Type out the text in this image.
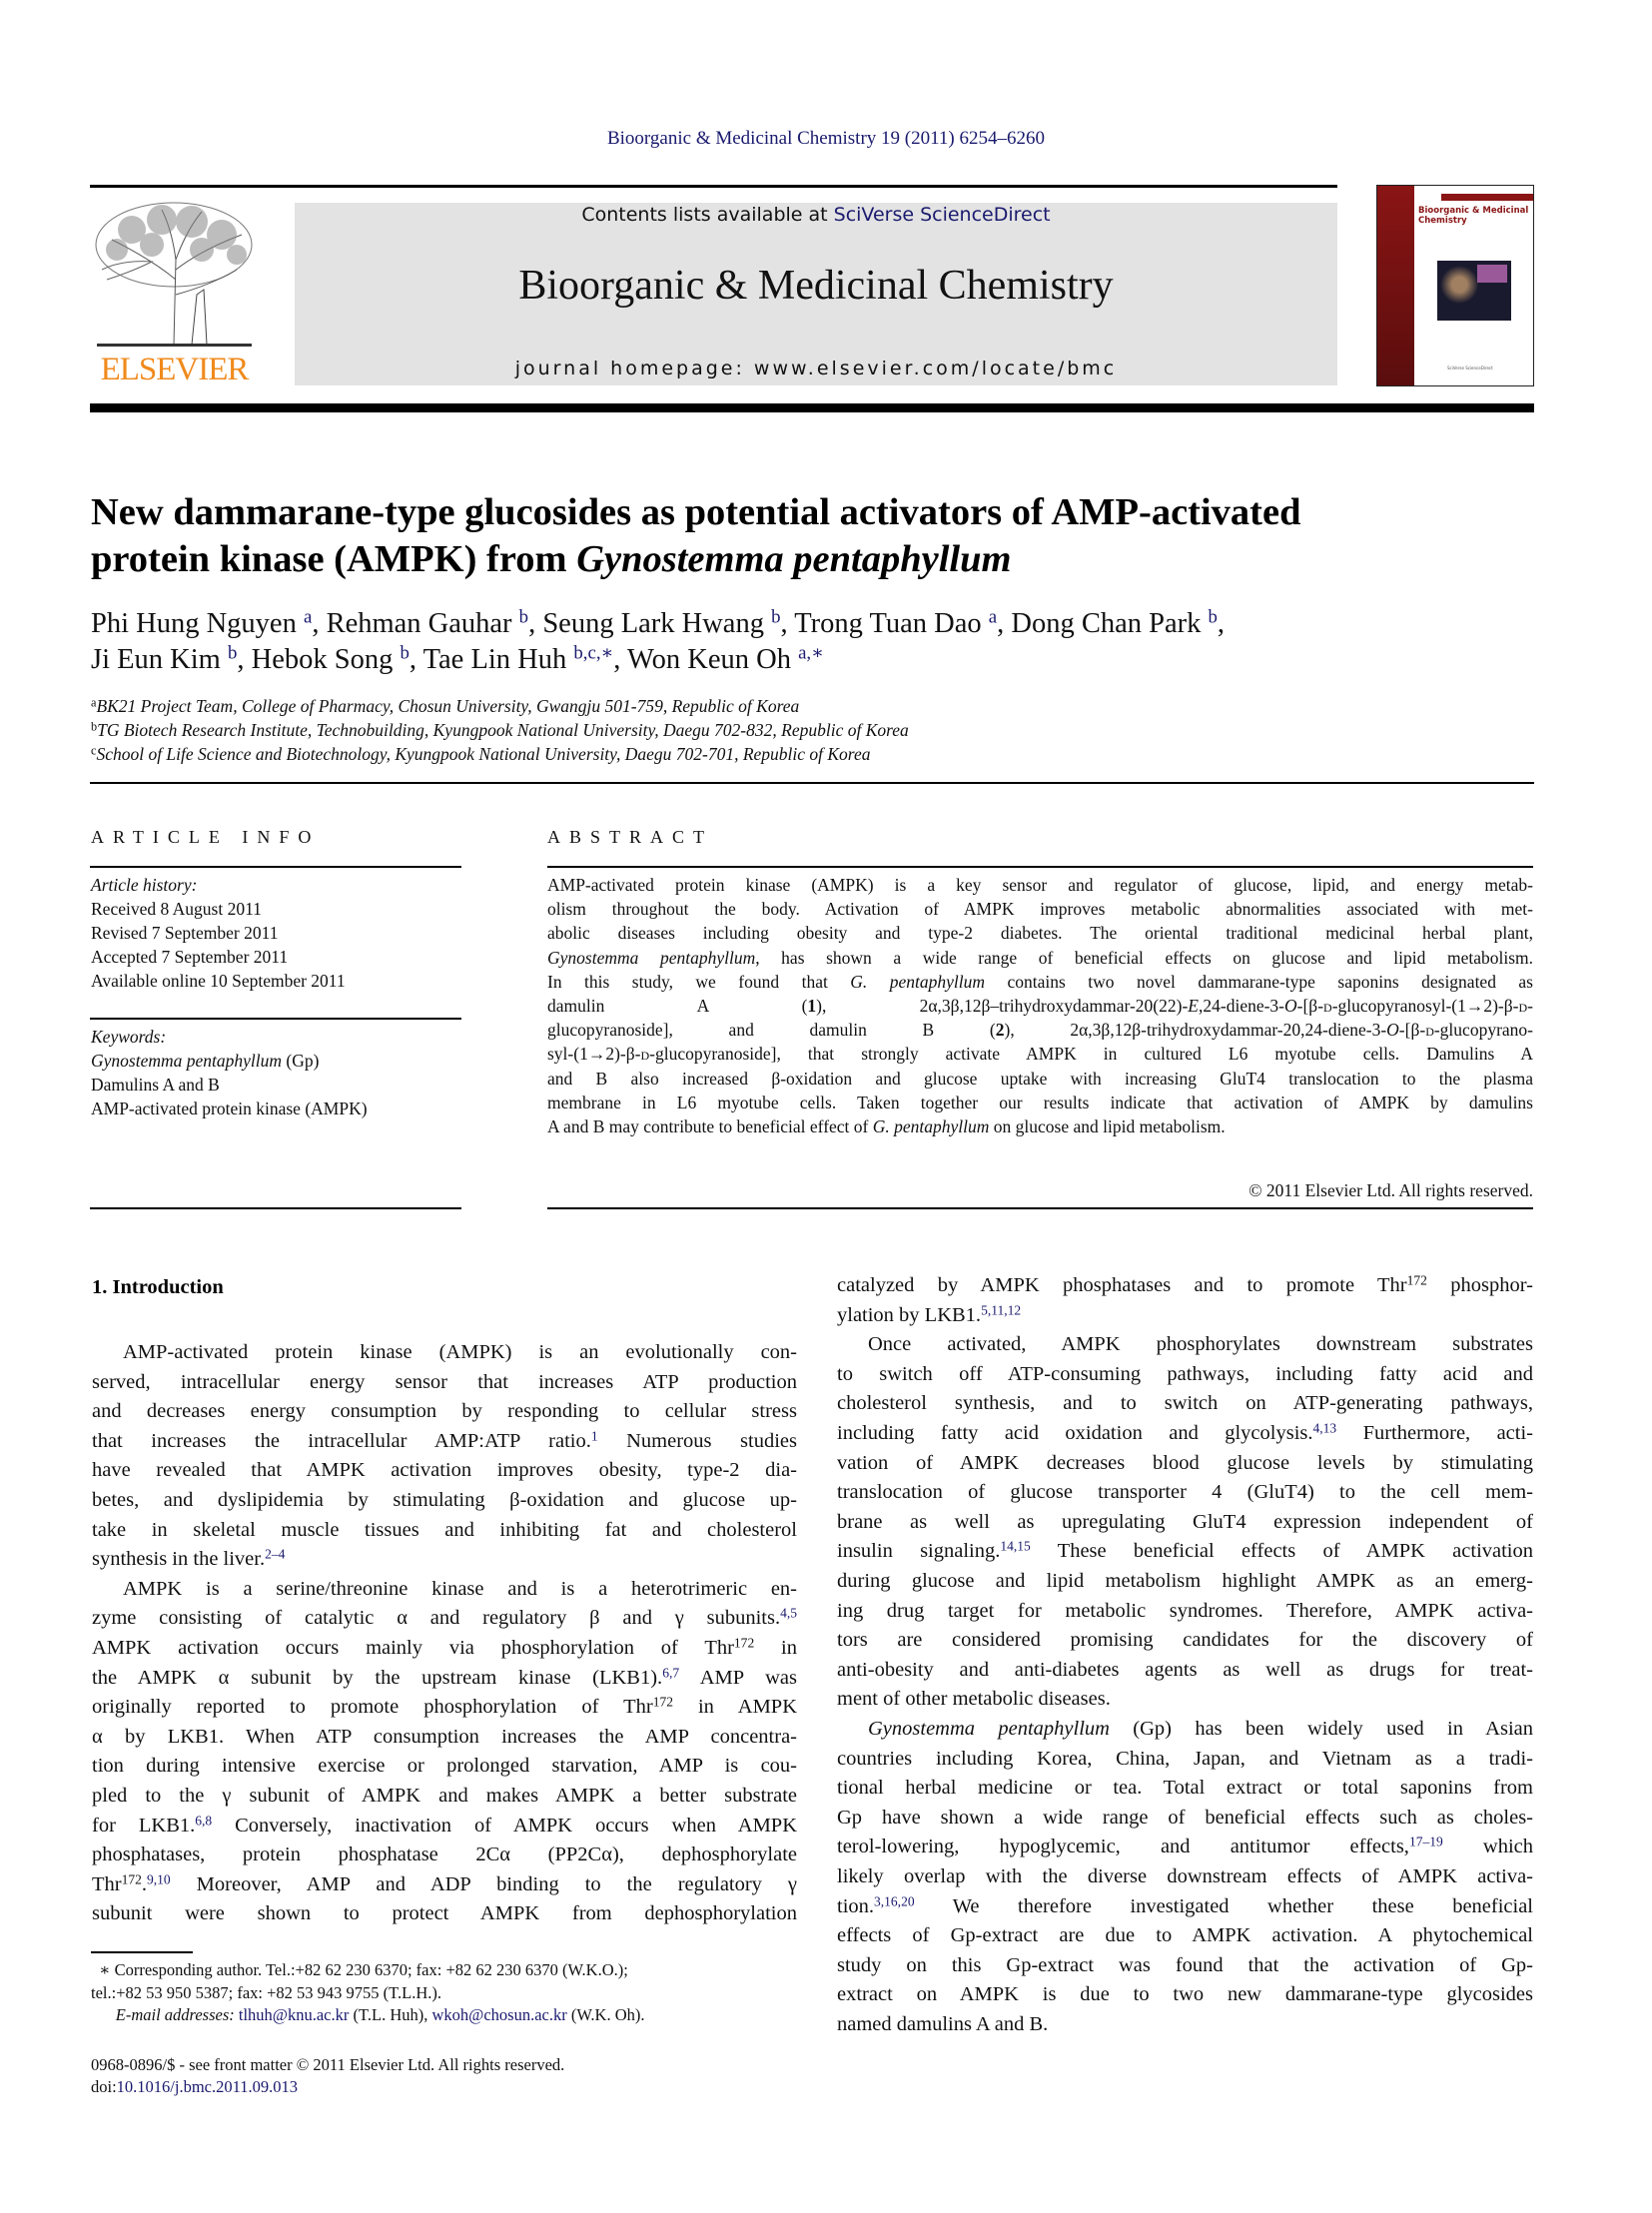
Bioorganic & Medicinal Chemistry 19 (2011) 6254–6260
ELSEVIER
Contents lists available at SciVerse ScienceDirect
Bioorganic & Medicinal Chemistry
journal homepage: www.elsevier.com/locate/bmc
Bioorganic & Medicinal Chemistry
SciVerse ScienceDirect
New dammarane-type glucosides as potential activators of AMP-activated
protein kinase (AMPK) from Gynostemma pentaphyllum
Phi Hung Nguyen $^a$, Rehman Gauhar $^b$, Seung Lark Hwang $^b$, Trong Tuan Dao $^a$, Dong Chan Park $^b$,
Ji Eun Kim $^b$, Hebok Song $^b$, Tae Lin Huh $^{b,c,∗}$, Won Keun Oh $^{a,∗}$
$^a$BK21 Project Team, College of Pharmacy, Chosun University, Gwangju 501-759, Republic of Korea
$^b$TG Biotech Research Institute, Technobuilding, Kyungpook National University, Daegu 702-832, Republic of Korea
$^c$School of Life Science and Biotechnology, Kyungpook National University, Daegu 702-701, Republic of Korea
ARTICLE INFO
Article history:
Received 8 August 2011
Revised 7 September 2011
Accepted 7 September 2011
Available online 10 September 2011
Keywords:
Gynostemma pentaphyllum (Gp)
Damulins A and B
AMP-activated protein kinase (AMPK)
ABSTRACT
AMP-activated protein kinase (AMPK) is a key sensor and regulator of glucose, lipid, and energy metab-
olism throughout the body. Activation of AMPK improves metabolic abnormalities associated with met-
abolic diseases including obesity and type-2 diabetes. The oriental traditional medicinal herbal plant,
Gynostemma pentaphyllum, has shown a wide range of beneficial effects on glucose and lipid metabolism.
In this study, we found that G. pentaphyllum contains two novel dammarane-type saponins designated as
damulin A (1), 2α,3β,12β–trihydroxydammar-20(22)-E,24-diene-3-O-[β-d-glucopyranosyl-(1→2)-β-d-
glucopyranoside], and damulin B (2), 2α,3β,12β-trihydroxydammar-20,24-diene-3-O-[β-d-glucopyrano-
syl-(1→2)-β-d-glucopyranoside], that strongly activate AMPK in cultured L6 myotube cells. Damulins A
and B also increased β-oxidation and glucose uptake with increasing GluT4 translocation to the plasma
membrane in L6 myotube cells. Taken together our results indicate that activation of AMPK by damulins
A and B may contribute to beneficial effect of G. pentaphyllum on glucose and lipid metabolism.
© 2011 Elsevier Ltd. All rights reserved.
1. Introduction
AMP-activated protein kinase (AMPK) is an evolutionally con-
served, intracellular energy sensor that increases ATP production
and decreases energy consumption by responding to cellular stress
that increases the intracellular AMP:ATP ratio.$^1$ Numerous studies
have revealed that AMPK activation improves obesity, type-2 dia-
betes, and dyslipidemia by stimulating β-oxidation and glucose up-
take in skeletal muscle tissues and inhibiting fat and cholesterol
synthesis in the liver.$^{2-4}$
AMPK is a serine/threonine kinase and is a heterotrimeric en-
zyme consisting of catalytic α and regulatory β and γ subunits.$^{4,5}$
AMPK activation occurs mainly via phosphorylation of Thr$^{172}$ in
the AMPK α subunit by the upstream kinase (LKB1).$^{6,7}$ AMP was
originally reported to promote phosphorylation of Thr$^{172}$ in AMPK
α by LKB1. When ATP consumption increases the AMP concentra-
tion during intensive exercise or prolonged starvation, AMP is cou-
pled to the γ subunit of AMPK and makes AMPK a better substrate
for LKB1.$^{6,8}$ Conversely, inactivation of AMPK occurs when AMPK
phosphatases, protein phosphatase 2Cα (PP2Cα), dephosphorylate
Thr$^{172}$.$^{9,10}$ Moreover, AMP and ADP binding to the regulatory γ
subunit were shown to protect AMPK from dephosphorylation
catalyzed by AMPK phosphatases and to promote Thr$^{172}$ phosphor-
ylation by LKB1.$^{5,11,12}$
Once activated, AMPK phosphorylates downstream substrates
to switch off ATP-consuming pathways, including fatty acid and
cholesterol synthesis, and to switch on ATP-generating pathways,
including fatty acid oxidation and glycolysis.$^{4,13}$ Furthermore, acti-
vation of AMPK decreases blood glucose levels by stimulating
translocation of glucose transporter 4 (GluT4) to the cell mem-
brane as well as upregulating GluT4 expression independent of
insulin signaling.$^{14,15}$ These beneficial effects of AMPK activation
during glucose and lipid metabolism highlight AMPK as an emerg-
ing drug target for metabolic syndromes. Therefore, AMPK activa-
tors are considered promising candidates for the discovery of
anti-obesity and anti-diabetes agents as well as drugs for treat-
ment of other metabolic diseases.
Gynostemma pentaphyllum (Gp) has been widely used in Asian
countries including Korea, China, Japan, and Vietnam as a tradi-
tional herbal medicine or tea. Total extract or total saponins from
Gp have shown a wide range of beneficial effects such as choles-
terol-lowering, hypoglycemic, and antitumor effects,$^{17-19}$ which
likely overlap with the diverse downstream effects of AMPK activa-
tion.$^{3,16,20}$ We therefore investigated whether these beneficial
effects of Gp-extract are due to AMPK activation. A phytochemical
study on this Gp-extract was found that the activation of Gp-
extract on AMPK is due to two new dammarane-type glycosides
named damulins A and B.
∗ Corresponding author. Tel.:+82 62 230 6370; fax: +82 62 230 6370 (W.K.O.);
tel.:+82 53 950 5387; fax: +82 53 943 9755 (T.L.H.).
E-mail addresses: tlhuh@knu.ac.kr (T.L. Huh), wkoh@chosun.ac.kr (W.K. Oh).
0968-0896/$ - see front matter © 2011 Elsevier Ltd. All rights reserved.
doi:10.1016/j.bmc.2011.09.013
